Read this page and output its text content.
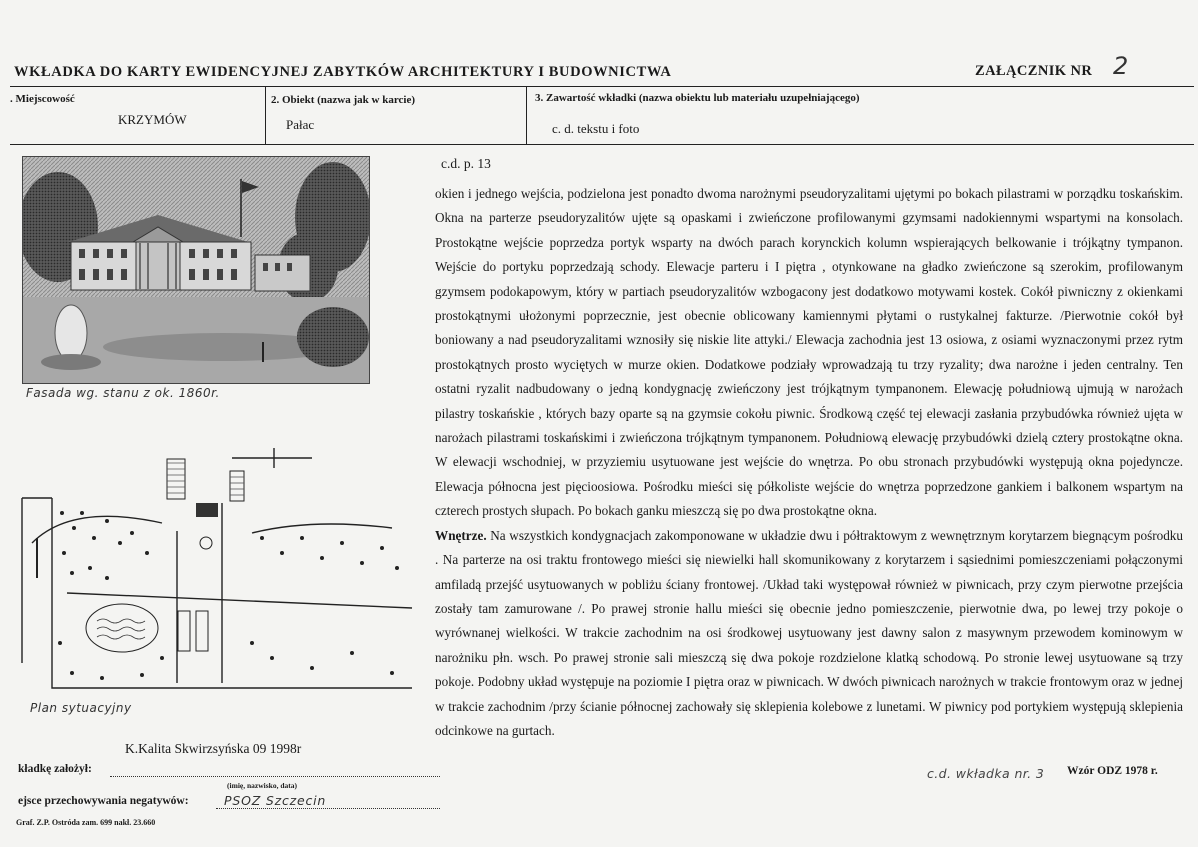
WKŁADKA DO KARTY EWIDENCYJNEJ ZABYTKÓW ARCHITEKTURY I BUDOWNICTWA	ZAŁĄCZNIK NR 2
. Miejscowość
KRZYMÓW
2. Obiekt (nazwa jak w karcie)
Pałac
3. Zawartość wkładki (nazwa obiektu lub materiału uzupełniającego)
c. d. tekstu i foto
Fasada wg. stanu z ok. 1860r.
Plan sytuacyjny
c.d. p. 13

okien i jednego wejścia, podzielona jest ponadto dwoma narożnymi pseudoryzalitami ujętymi po bokach pilastrami w porządku toskańskim. Okna na parterze pseudoryzalitów ujęte są opaskami i zwieńczone profilowanymi gzymsami nadokiennymi wspartymi na konsolach. Prostokątne wejście poprzedza portyk wsparty na dwóch parach korynckich kolumn wspierających belkowanie i trójkątny tympanon. Wejście do portyku poprzedzają schody. Elewacje parteru i I piętra , otynkowane na gładko zwieńczone są szerokim, profilowanym gzymsem podokapowym, który w partiach pseudoryzalitów wzbogacony jest dodatkowo motywami kostek. Cokół piwniczny z okienkami prostokątnymi ułożonymi poprzecznie, jest obecnie oblicowany kamiennymi płytami o rustykalnej fakturze. /Pierwotnie cokół był boniowany a nad pseudoryzalitami wznosiły się niskie lite attyki./ Elewacja zachodnia jest 13 osiowa, z osiami wyznaczonymi przez rytm prostokątnych prosto wyciętych w murze okien. Dodatkowe podziały wprowadzają tu trzy ryzality; dwa narożne i jeden centralny. Ten ostatni ryzalit nadbudowany o jedną kondygnację zwieńczony jest trójkątnym tympanonem. Elewację południową ujmują w narożach pilastry toskańskie , których bazy oparte są na gzymsie cokołu piwnic. Środkową część tej elewacji zasłania przybudówka również ujęta w narożach pilastrami toskańskimi i zwieńczona trójkątnym tympanonem. Południową elewację przybudówki dzielą cztery prostokątne okna. W elewacji wschodniej, w przyziemiu usytuowane jest wejście do wnętrza. Po obu stronach przybudówki występują okna pojedyncze. Elewacja północna jest pięcioosiowa. Pośrodku mieści się półkoliste wejście do wnętrza poprzedzone gankiem i balkonem wspartym na czterech prostych słupach. Po bokach ganku mieszczą się po dwa prostokątne okna.

Wnętrze. Na wszystkich kondygnacjach zakomponowane w układzie dwu i półtraktowym z wewnętrznym korytarzem biegnącym pośrodku . Na parterze na osi traktu frontowego mieści się niewielki hall skomunikowany z korytarzem i sąsiednimi pomieszczeniami połączonymi amfiladą przejść usytuowanych w pobliżu ściany frontowej. /Układ taki występował również w piwnicach, przy czym pierwotne przejścia zostały tam zamurowane /. Po prawej stronie hallu mieści się obecnie jedno pomieszczenie, pierwotnie dwa, po lewej trzy pokoje o wyrównanej wielkości. W trakcie zachodnim na osi środkowej usytuowany jest dawny salon z masywnym przewodem kominowym w narożniku płn. wsch. Po prawej stronie sali mieszczą się dwa pokoje rozdzielone klatką schodową. Po stronie lewej usytuowane są trzy pokoje. Podobny układ występuje na poziomie I piętra oraz w piwnicach. W dwóch piwnicach narożnych w trakcie frontowym oraz w jednej w trakcie zachodnim /przy ścianie północnej zachowały się sklepienia kolebowe z lunetami. W piwnicy pod portykiem występują sklepienia odcinkowe na gurtach.

K.Kalita Skwirzsyńska 09 1998r
kładkę założył:
(imię, nazwisko, data)
ejsce przechowywania negatywów:	PSOZ Szczecin
Graf. Z.P. Ostróda zam. 699 nakł. 23.660
c.d. wkładka nr. 3 Wzór ODZ 1978 r.
